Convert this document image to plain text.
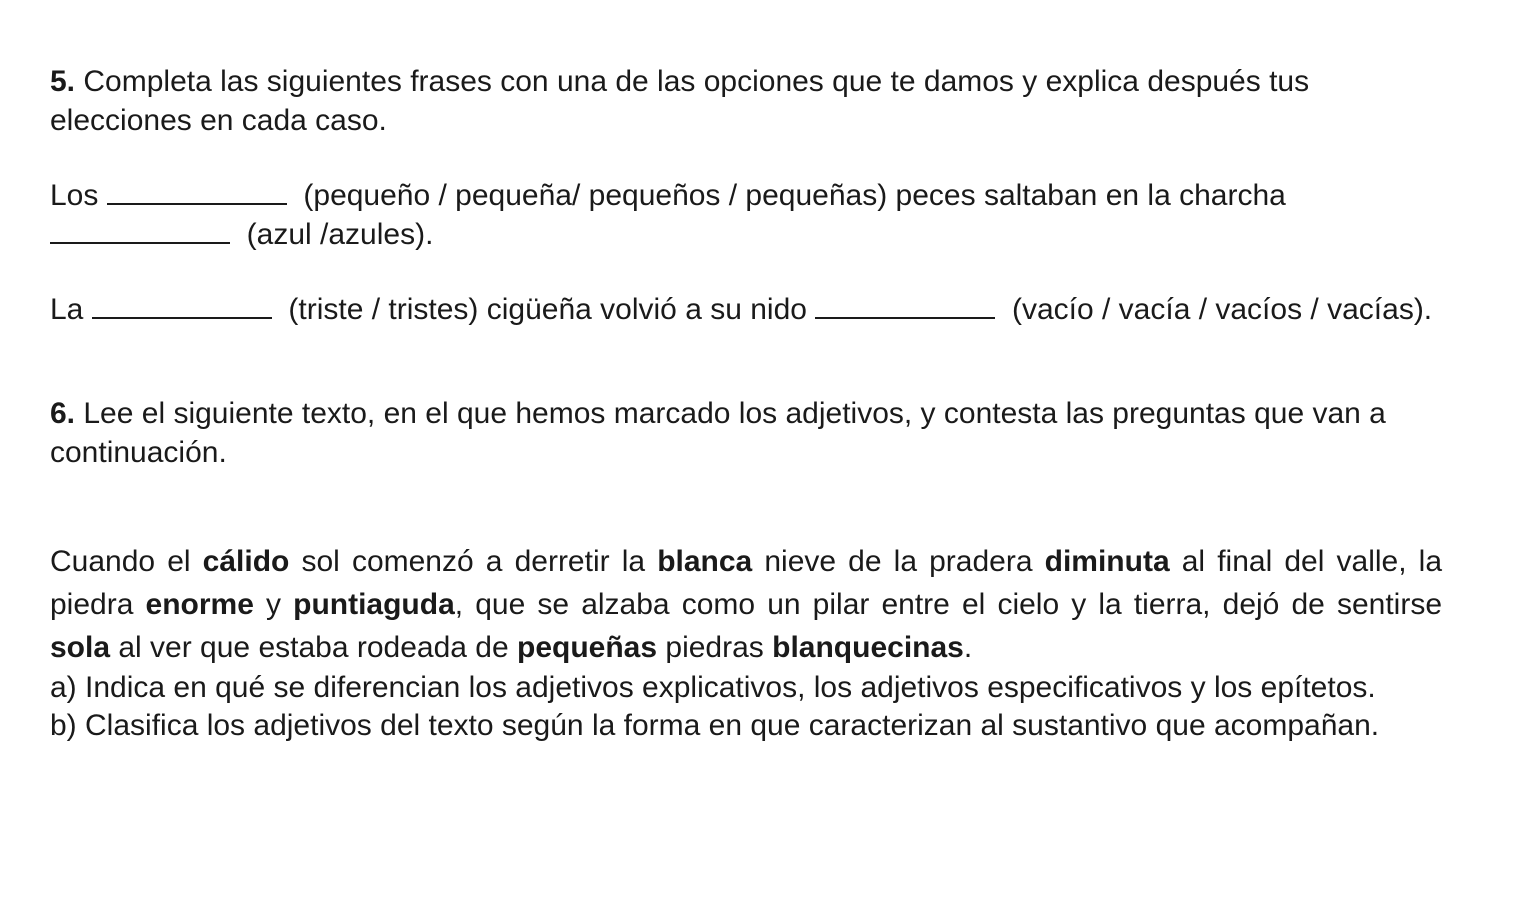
5. Completa las siguientes frases con una de las opciones que te damos y explica después tus elecciones en cada caso.

Los	(pequeño / pequeña/ pequeños / pequeñas) peces saltaban en la charcha   (azul /azules).

La	(triste / tristes) cigüeña volvió a su nido	(vacío / vacía / vacíos / vacías).

6. Lee el siguiente texto, en el que hemos marcado los adjetivos, y contesta las preguntas que van a continuación.

Cuando el cálido sol comenzó a derretir la blanca nieve de la pradera diminuta al final del valle, la piedra enorme y puntiaguda, que se alzaba como un pilar entre el cielo y la tierra, dejó de sentirse sola al ver que estaba rodeada de pequeñas piedras blanquecinas.

a) Indica en qué se diferencian los adjetivos explicativos, los adjetivos especificativos y los epítetos.

b) Clasifica los adjetivos del texto según la forma en que caracterizan al sustantivo que acompañan.
